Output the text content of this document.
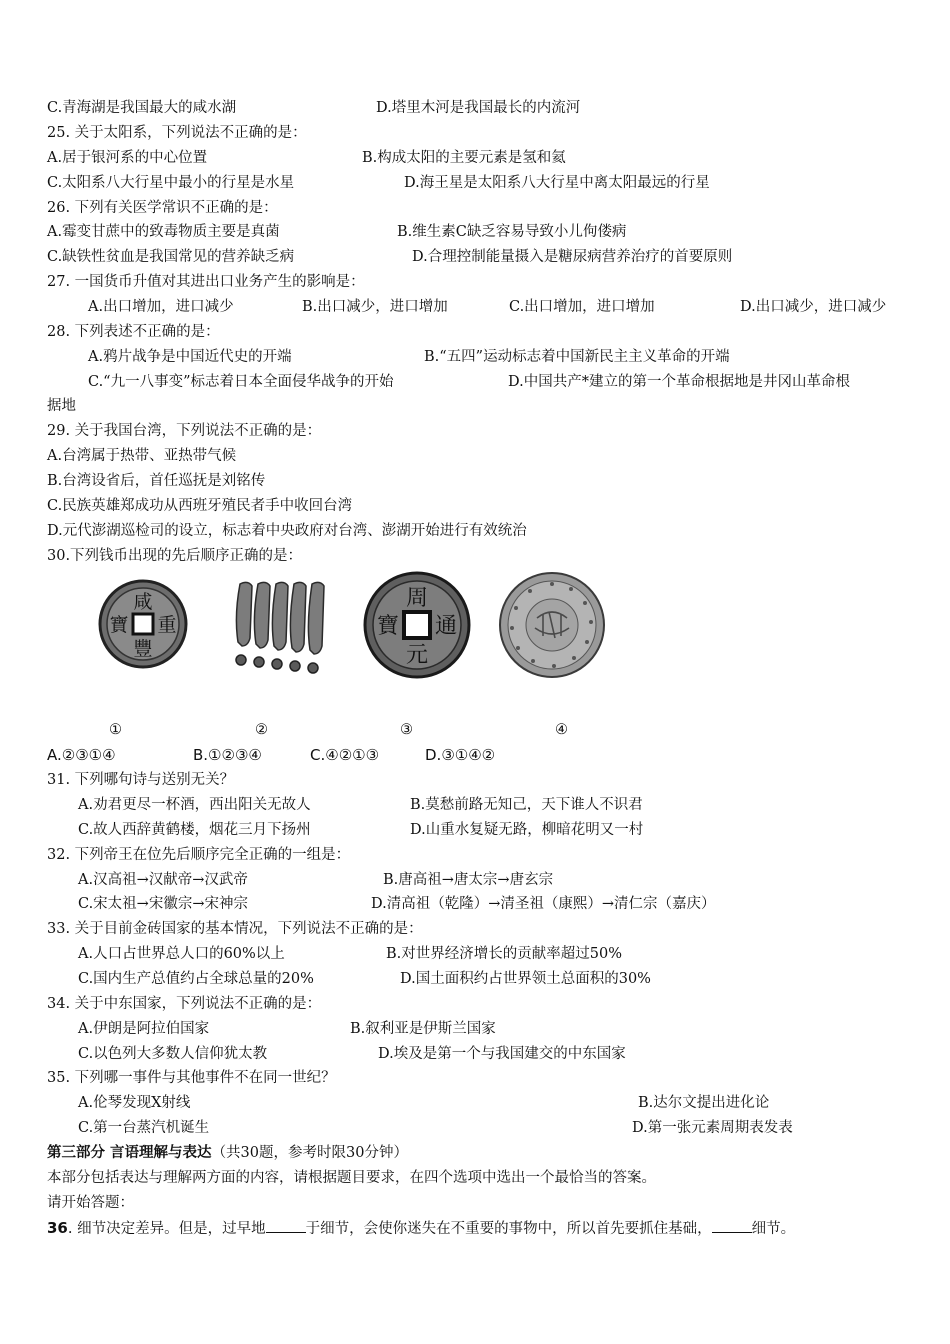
C.青海湖是我国最大的咸水湖	D.塔里木河是我国最长的内流河
25. 关于太阳系，下列说法不正确的是：
A.居于银河系的中心位置	B.构成太阳的主要元素是氢和氦
C.太阳系八大行星中最小的行星是水星	D.海王星是太阳系八大行星中离太阳最远的行星
26. 下列有关医学常识不正确的是：
A.霉变甘蔗中的致毒物质主要是真菌	B.维生素C缺乏容易导致小儿佝偻病
C.缺铁性贫血是我国常见的营养缺乏病	D.合理控制能量摄入是糖尿病营养治疗的首要原则
27. 一国货币升值对其进出口业务产生的影响是：
A.出口增加，进口减少	B.出口减少，进口增加	C.出口增加，进口增加	D.出口减少，进口减少
28. 下列表述不正确的是：
A.鸦片战争是中国近代史的开端	B.“五四”运动标志着中国新民主主义革命的开端
C.“九一八事变”标志着日本全面侵华战争的开始	D.中国共产*建立的第一个革命根据地是井冈山革命根
据地
29. 关于我国台湾，下列说法不正确的是：
A.台湾属于热带、亚热带气候
B.台湾设省后，首任巡抚是刘铭传
C.民族英雄郑成功从西班牙殖民者手中收回台湾
D.元代澎湖巡检司的设立，标志着中央政府对台湾、澎湖开始进行有效统治
30.下列钱币出现的先后顺序正确的是：
咸
重
寶
豐
周
通
元
寶
①	②	③	④
A.②③①④	B.①②③④	C.④②①③	D.③①④②
31. 下列哪句诗与送别无关？
A.劝君更尽一杯酒，西出阳关无故人	B.莫愁前路无知己，天下谁人不识君
C.故人西辞黄鹤楼，烟花三月下扬州	D.山重水复疑无路，柳暗花明又一村
32. 下列帝王在位先后顺序完全正确的一组是：
A.汉高祖→汉献帝→汉武帝	B.唐高祖→唐太宗→唐玄宗
C.宋太祖→宋徽宗→宋神宗	D.清高祖（乾隆）→清圣祖（康熙）→清仁宗（嘉庆）
33. 关于目前金砖国家的基本情况，下列说法不正确的是：
A.人口占世界总人口的60%以上	B.对世界经济增长的贡献率超过50%
C.国内生产总值约占全球总量的20%	D.国土面积约占世界领土总面积的30%
34. 关于中东国家，下列说法不正确的是：
A.伊朗是阿拉伯国家	B.叙利亚是伊斯兰国家
C.以色列大多数人信仰犹太教	D.埃及是第一个与我国建交的中东国家
35. 下列哪一事件与其他事件不在同一世纪？
A.伦琴发现X射线	B.达尔文提出进化论
C.第一台蒸汽机诞生	D.第一张元素周期表发表
第三部分 言语理解与表达（共30题，参考时限30分钟）
本部分包括表达与理解两方面的内容，请根据题目要求，在四个选项中选出一个最恰当的答案。
请开始答题：
36. 细节决定差异。但是，过早地	于细节，会使你迷失在不重要的事物中，所以首先要抓住基础，	细节。
